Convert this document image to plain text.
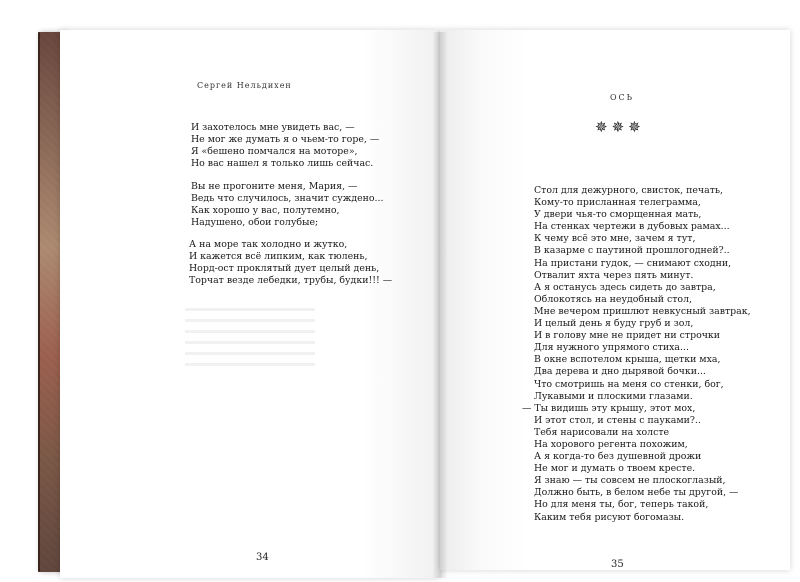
Сергей Нельдихен
И захотелось мне увидеть вас, —
Не мог же думать я о чьем-то горе, —
Я «бешено помчался на моторе»,
Но вас нашел я только лишь сейчас.
Вы не прогоните меня, Мария, —
Ведь что случилось, значит суждено...
Как хорошо у вас, полутемно,
Надушено, обои голубые;
А на море так холодно и жутко,
И кажется всё липким, как тюлень,
Норд-ост проклятый дует целый день,
Торчат везде лебедки, трубы, будки!!! —
34
ОСЬ
✵✵✵
Стол для дежурного, свисток, печать,
Кому-то присланная телеграмма,
У двери чья-то сморщенная мать,
На стенках чертежи в дубовых рамах...
К чему всё это мне, зачем я тут,
В казарме с паутиной прошлогодней?..
На пристани гудок, — снимают сходни,
Отвалит яхта через пять минут.
А я останусь здесь сидеть до завтра,
Облокотясь на неудобный стол,
Мне вечером пришлют невкусный завтрак,
И целый день я буду груб и зол,
И в голову мне не придет ни строчки
Для нужного упрямого стиха...
В окне вспотелом крыша, щетки мха,
Два дерева и дно дырявой бочки...
Что смотришь на меня со стенки, бог,
Лукавыми и плоскими глазами.
— Ты видишь эту крышу, этот мох,
И этот стол, и стены с пауками?..
Тебя нарисовали на холсте
На хорового регента похожим,
А я когда-то без душевной дрожи
Не мог и думать о твоем кресте.
Я знаю — ты совсем не плоскоглазый,
Должно быть, в белом небе ты другой, —
Но для меня ты, бог, теперь такой,
Каким тебя рисуют богомазы.
35
